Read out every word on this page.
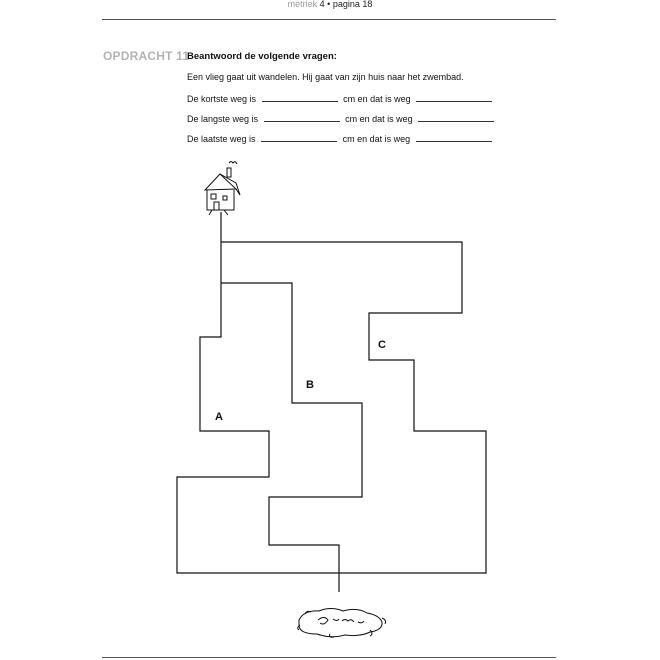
metriek 4 • pagina 18
OPDRACHT 11
Beantwoord de volgende vragen:
Een vlieg gaat uit wandelen. Hij gaat van zijn huis naar het zwembad.
De kortste weg is	cm en dat is weg
De langste weg is	cm en dat is weg
De laatste weg is	cm en dat is weg
A
B
C
